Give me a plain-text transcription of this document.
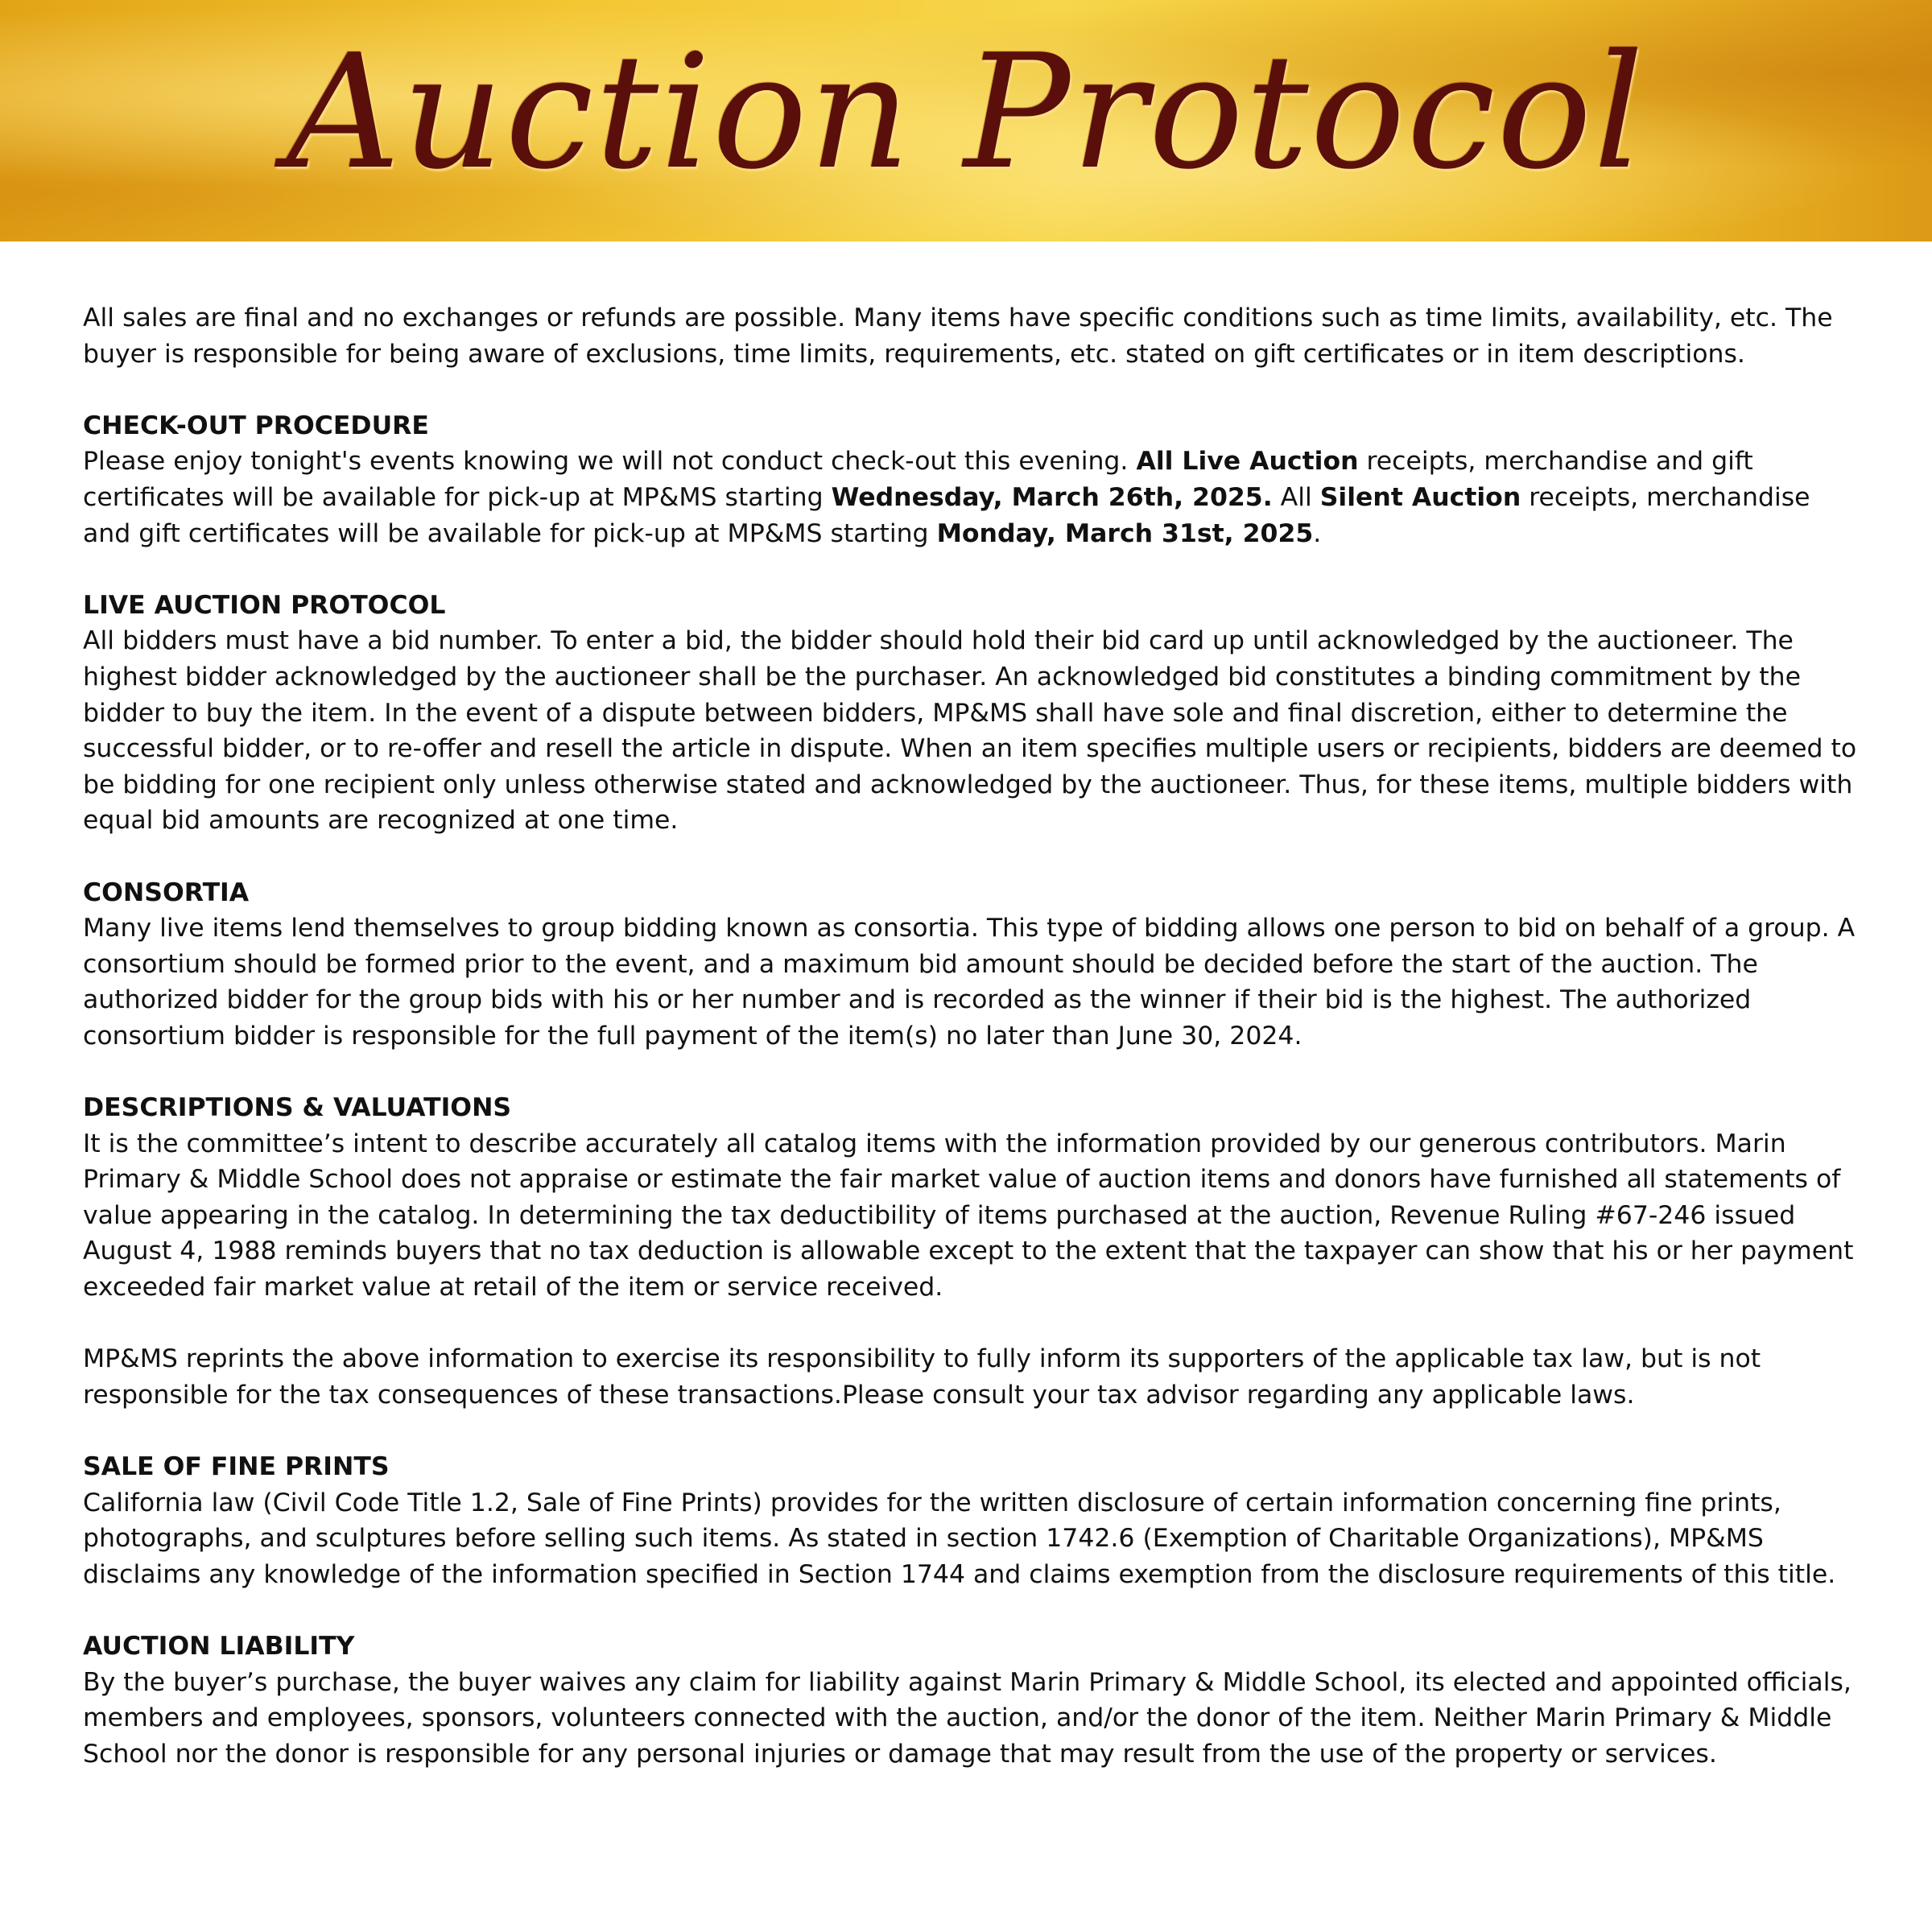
Auction Protocol

All sales are final and no exchanges or refunds are possible. Many items have specific conditions such as time limits, availability, etc. The buyer is responsible for being aware of exclusions, time limits, requirements, etc. stated on gift certificates or in item descriptions.

CHECK-OUT PROCEDURE
Please enjoy tonight's events knowing we will not conduct check-out this evening. All Live Auction receipts, merchandise and gift certificates will be available for pick-up at MP&MS starting Wednesday, March 26th, 2025. All Silent Auction receipts, merchandise and gift certificates will be available for pick-up at MP&MS starting Monday, March 31st, 2025.

LIVE AUCTION PROTOCOL
All bidders must have a bid number. To enter a bid, the bidder should hold their bid card up until acknowledged by the auctioneer. The highest bidder acknowledged by the auctioneer shall be the purchaser. An acknowledged bid constitutes a binding commitment by the bidder to buy the item. In the event of a dispute between bidders, MP&MS shall have sole and final discretion, either to determine the successful bidder, or to re-offer and resell the article in dispute. When an item specifies multiple users or recipients, bidders are deemed to be bidding for one recipient only unless otherwise stated and acknowledged by the auctioneer. Thus, for these items, multiple bidders with equal bid amounts are recognized at one time.

CONSORTIA
Many live items lend themselves to group bidding known as consortia. This type of bidding allows one person to bid on behalf of a group. A consortium should be formed prior to the event, and a maximum bid amount should be decided before the start of the auction. The authorized bidder for the group bids with his or her number and is recorded as the winner if their bid is the highest. The authorized consortium bidder is responsible for the full payment of the item(s) no later than June 30, 2024.

DESCRIPTIONS & VALUATIONS
It is the committee’s intent to describe accurately all catalog items with the information provided by our generous contributors. Marin Primary & Middle School does not appraise or estimate the fair market value of auction items and donors have furnished all statements of value appearing in the catalog. In determining the tax deductibility of items purchased at the auction, Revenue Ruling #67-246 issued August 4, 1988 reminds buyers that no tax deduction is allowable except to the extent that the taxpayer can show that his or her payment exceeded fair market value at retail of the item or service received.

MP&MS reprints the above information to exercise its responsibility to fully inform its supporters of the applicable tax law, but is not responsible for the tax consequences of these transactions.Please consult your tax advisor regarding any applicable laws.

SALE OF FINE PRINTS
California law (Civil Code Title 1.2, Sale of Fine Prints) provides for the written disclosure of certain information concerning fine prints, photographs, and sculptures before selling such items. As stated in section 1742.6 (Exemption of Charitable Organizations), MP&MS disclaims any knowledge of the information specified in Section 1744 and claims exemption from the disclosure requirements of this title.

AUCTION LIABILITY
By the buyer’s purchase, the buyer waives any claim for liability against Marin Primary & Middle School, its elected and appointed officials, members and employees, sponsors, volunteers connected with the auction, and/or the donor of the item. Neither Marin Primary & Middle School nor the donor is responsible for any personal injuries or damage that may result from the use of the property or services.
